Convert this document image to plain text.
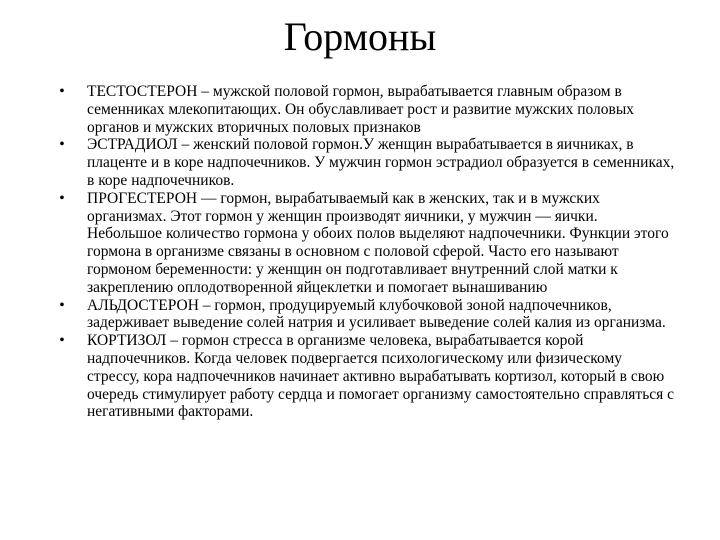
Гормоны
• ТЕСТОСТЕРОН – мужской половой гормон, вырабатывается главным образом в семенниках млекопитающих. Он обуславливает рост и развитие мужских половых органов и мужских вторичных половых признаков
• ЭСТРАДИОЛ – женский половой гормон.У женщин вырабатывается в яичниках, в плаценте и в коре надпочечников. У мужчин гормон эстрадиол образуется в семенниках, в коре надпочечников.
• ПРОГЕСТЕРОН — гормон, вырабатываемый как в женских, так и в мужских организмах. Этот гормон у женщин производят яичники, у мужчин — яички. Небольшое количество гормона у обоих полов выделяют надпочечники. Функции этого гормона в организме связаны в основном с половой сферой. Часто его называют гормоном беременности: у женщин он подготавливает внутренний слой матки к закреплению оплодотворенной яйцеклетки и помогает вынашиванию
• АЛЬДОСТЕРОН – гормон, продуцируемый клубочковой зоной надпочечников, задерживает выведение солей натрия и усиливает выведение солей калия из организма.
• КОРТИЗОЛ – гормон стресса в организме человека, вырабатывается корой надпочечников. Когда человек подвергается психологическому или физическому стрессу, кора надпочечников начинает активно вырабатывать кортизол, который в свою очередь стимулирует работу сердца и помогает организму самостоятельно справляться с негативными факторами.
